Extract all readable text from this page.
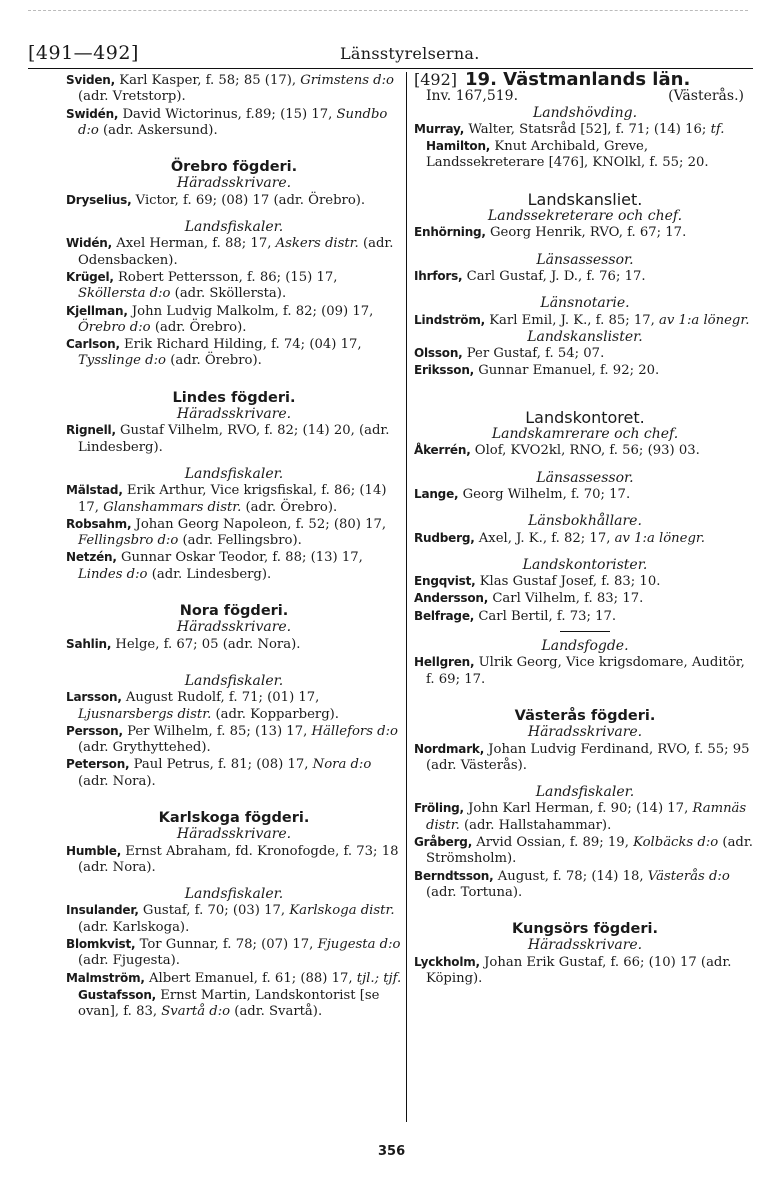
[491—492]	Länsstyrelserna.

Sviden, Karl Kasper, f. 58; 85 (17), Grimstens d:o (adr. Vretstorp).

Swidén, David Wictorinus, f.89; (15) 17, Sundbo d:o (adr. Askersund).

Örebro fögderi.

Häradsskrivare.

Dryselius, Victor, f. 69; (08) 17 (adr. Örebro).

Landsfiskaler.

Widén, Axel Herman, f. 88; 17, Askers distr. (adr. Odensbacken).

Krügel, Robert Pettersson, f. 86; (15) 17, Sköllersta d:o (adr. Sköllersta).

Kjellman, John Ludvig Malkolm, f. 82; (09) 17, Örebro d:o (adr. Örebro).

Carlson, Erik Richard Hilding, f. 74; (04) 17, Tysslinge d:o (adr. Örebro).

Lindes fögderi.

Häradsskrivare.

Rignell, Gustaf Vilhelm, RVO, f. 82; (14) 20, (adr. Lindesberg).

Landsfiskaler.

Mälstad, Erik Arthur, Vice krigsfiskal, f. 86; (14) 17, Glanshammars distr. (adr. Örebro).

Robsahm, Johan Georg Napoleon, f. 52; (80) 17, Fellingsbro d:o (adr. Fellingsbro).

Netzén, Gunnar Oskar Teodor, f. 88; (13) 17, Lindes d:o (adr. Lindesberg).

Nora fögderi.

Häradsskrivare.

Sahlin, Helge, f. 67; 05 (adr. Nora).

Landsfiskaler.

Larsson, August Rudolf, f. 71; (01) 17, Ljusnarsbergs distr. (adr. Kopparberg).

Persson, Per Wilhelm, f. 85; (13) 17, Hällefors d:o (adr. Grythyttehed).

Peterson, Paul Petrus, f. 81; (08) 17, Nora d:o (adr. Nora).

Karlskoga fögderi.

Häradsskrivare.

Humble, Ernst Abraham, fd. Kronofogde, f. 73; 18 (adr. Nora).

Landsfiskaler.

Insulander, Gustaf, f. 70; (03) 17, Karlskoga distr. (adr. Karlskoga).

Blomkvist, Tor Gunnar, f. 78; (07) 17, Fjugesta d:o (adr. Fjugesta).

Malmström, Albert Emanuel, f. 61; (88) 17, tjl.; tjf. Gustafsson, Ernst Martin, Landskontorist [se ovan], f. 83, Svartå d:o (adr. Svartå).

[492] 19. Västmanlands län.

Inv. 167,519.	(Västerås.)

Landshövding.

Murray, Walter, Statsråd [52], f. 71; (14) 16; tf. Hamilton, Knut Archibald, Greve, Landssekreterare [476], KNOlkl, f. 55; 20.

Landskansliet.

Landssekreterare och chef.

Enhörning, Georg Henrik, RVO, f. 67; 17.

Länsassessor.

Ihrfors, Carl Gustaf, J. D., f. 76; 17.

Länsnotarie.

Lindström, Karl Emil, J. K., f. 85; 17, av 1:a lönegr.

Landskanslister.

Olsson, Per Gustaf, f. 54; 07.

Eriksson, Gunnar Emanuel, f. 92; 20.

Landskontoret.

Landskamrerare och chef.

Åkerrén, Olof, KVO2kl, RNO, f. 56; (93) 03.

Länsassessor.

Lange, Georg Wilhelm, f. 70; 17.

Länsbokhållare.

Rudberg, Axel, J. K., f. 82; 17, av 1:a lönegr.

Landskontorister.

Engqvist, Klas Gustaf Josef, f. 83; 10.

Andersson, Carl Vilhelm, f. 83; 17.

Belfrage, Carl Bertil, f. 73; 17.

Landsfogde.

Hellgren, Ulrik Georg, Vice krigsdomare, Auditör, f. 69; 17.

Västerås fögderi.

Häradsskrivare.

Nordmark, Johan Ludvig Ferdinand, RVO, f. 55; 95 (adr. Västerås).

Landsfiskaler.

Fröling, John Karl Herman, f. 90; (14) 17, Ramnäs distr. (adr. Hallstahammar).

Gråberg, Arvid Ossian, f. 89; 19, Kolbäcks d:o (adr. Strömsholm).

Berndtsson, August, f. 78; (14) 18, Västerås d:o (adr. Tortuna).

Kungsörs fögderi.

Häradsskrivare.

Lyckholm, Johan Erik Gustaf, f. 66; (10) 17 (adr. Köping).

356
